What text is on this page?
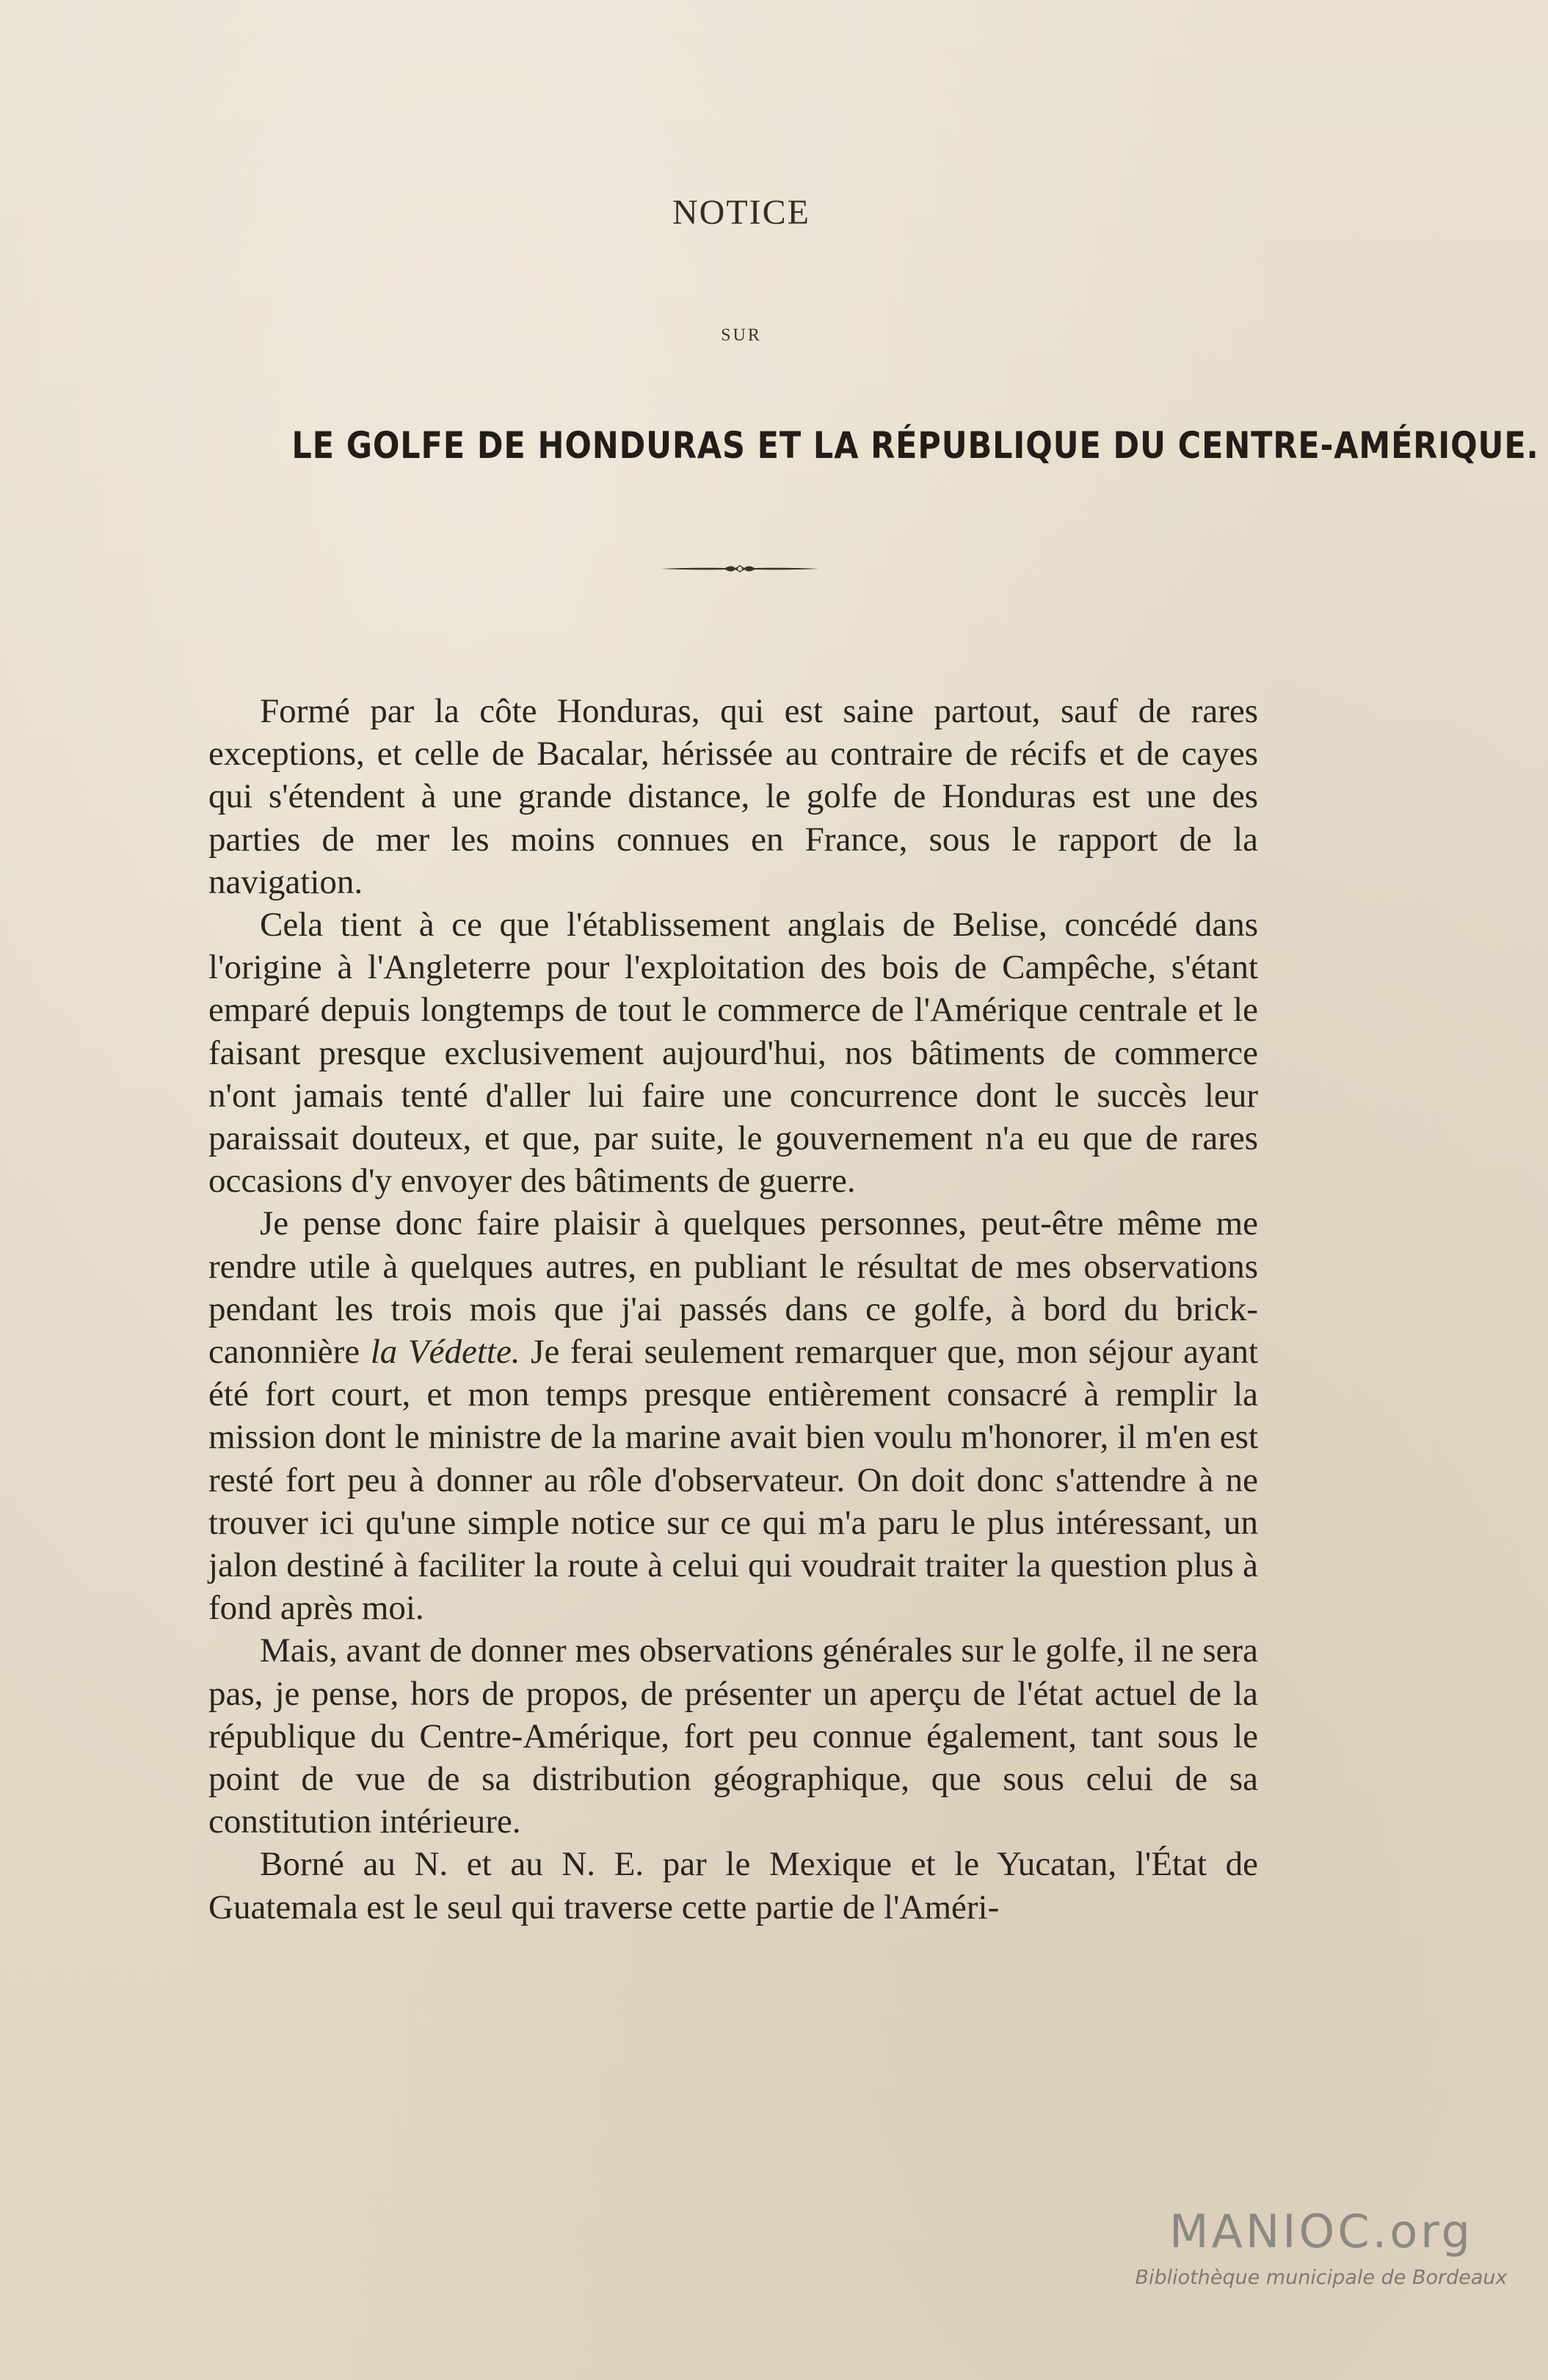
NOTICE
SUR
LE GOLFE DE HONDURAS ET LA RÉPUBLIQUE DU CENTRE-AMÉRIQUE.

Formé par la côte Honduras, qui est saine partout, sauf de rares exceptions, et celle de Bacalar, hérissée au contraire de récifs et de cayes qui s'étendent à une grande distance, le golfe de Honduras est une des parties de mer les moins connues en France, sous le rapport de la navigation.

Cela tient à ce que l'établissement anglais de Belise, concédé dans l'origine à l'Angleterre pour l'exploitation des bois de Campêche, s'étant emparé depuis longtemps de tout le commerce de l'Amérique centrale et le faisant presque exclusivement aujourd'hui, nos bâtiments de commerce n'ont jamais tenté d'aller lui faire une concurrence dont le succès leur paraissait douteux, et que, par suite, le gouvernement n'a eu que de rares occasions d'y envoyer des bâtiments de guerre.

Je pense donc faire plaisir à quelques personnes, peut-être même me rendre utile à quelques autres, en publiant le résultat de mes observations pendant les trois mois que j'ai passés dans ce golfe, à bord du brick-canonnière la Védette. Je ferai seulement remarquer que, mon séjour ayant été fort court, et mon temps presque entièrement consacré à remplir la mission dont le ministre de la marine avait bien voulu m'honorer, il m'en est resté fort peu à donner au rôle d'observateur. On doit donc s'attendre à ne trouver ici qu'une simple notice sur ce qui m'a paru le plus intéressant, un jalon destiné à faciliter la route à celui qui voudrait traiter la question plus à fond après moi.

Mais, avant de donner mes observations générales sur le golfe, il ne sera pas, je pense, hors de propos, de présenter un aperçu de l'état actuel de la république du Centre-Amérique, fort peu connue également, tant sous le point de vue de sa distribution géographique, que sous celui de sa constitution intérieure.

Borné au N. et au N. E. par le Mexique et le Yucatan, l'État de Guatemala est le seul qui traverse cette partie de l'Améri-

MANIOC.org
Bibliothèque municipale de Bordeaux
